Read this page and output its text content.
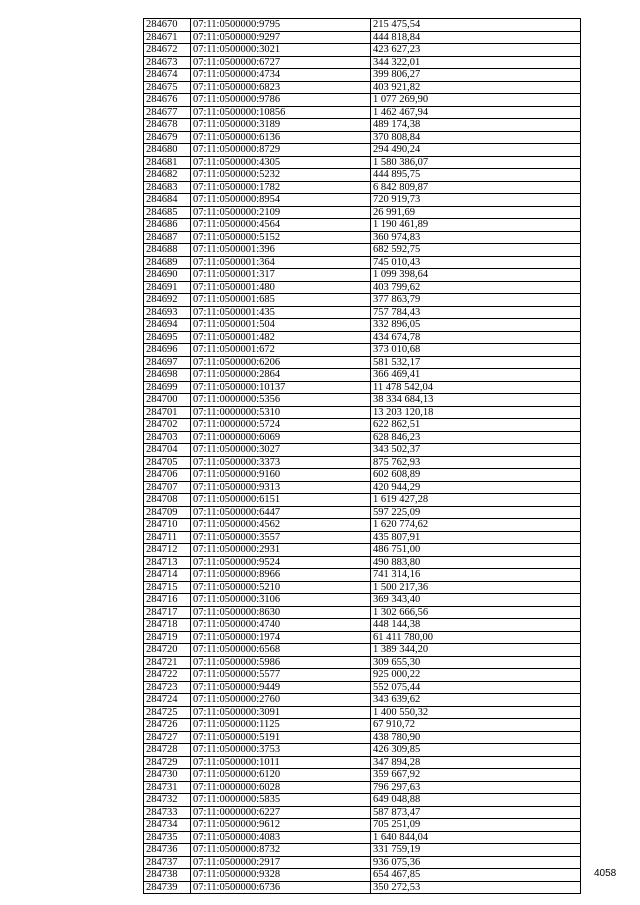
284670	07:11:0500000:9795	215 475,54
284671	07:11:0500000:9297	444 818,84
284672	07:11:0500000:3021	423 627,23
284673	07:11:0500000:6727	344 322,01
284674	07:11:0500000:4734	399 806,27
284675	07:11:0500000:6823	403 921,82
284676	07:11:0500000:9786	1 077 269,90
284677	07:11:0500000:10856	1 462 467,94
284678	07:11:0500000:3189	489 174,38
284679	07:11:0500000:6136	370 808,84
284680	07:11:0500000:8729	294 490,24
284681	07:11:0500000:4305	1 580 386,07
284682	07:11:0500000:5232	444 895,75
284683	07:11:0500000:1782	6 842 809,87
284684	07:11:0500000:8954	720 919,73
284685	07:11:0500000:2109	26 991,69
284686	07:11:0500000:4564	1 190 461,89
284687	07:11:0500000:5152	360 974,83
284688	07:11:0500001:396	682 592,75
284689	07:11:0500001:364	745 010,43
284690	07:11:0500001:317	1 099 398,64
284691	07:11:0500001:480	403 799,62
284692	07:11:0500001:685	377 863,79
284693	07:11:0500001:435	757 784,43
284694	07:11:0500001:504	332 896,05
284695	07:11:0500001:482	434 674,78
284696	07:11:0500001:672	373 010,68
284697	07:11:0500000:6206	581 532,17
284698	07:11:0500000:2864	366 469,41
284699	07:11:0500000:10137	11 478 542,04
284700	07:11:0000000:5356	38 334 684,13
284701	07:11:0000000:5310	13 203 120,18
284702	07:11:0000000:5724	622 862,51
284703	07:11:0000000:6069	628 846,23
284704	07:11:0500000:3027	343 502,37
284705	07:11:0500000:3373	875 762,93
284706	07:11:0500000:9160	602 608,89
284707	07:11:0500000:9313	420 944,29
284708	07:11:0500000:6151	1 619 427,28
284709	07:11:0500000:6447	597 225,09
284710	07:11:0500000:4562	1 620 774,62
284711	07:11:0500000:3557	435 807,91
284712	07:11:0500000:2931	486 751,00
284713	07:11:0500000:9524	490 883,80
284714	07:11:0500000:8966	741 314,16
284715	07:11:0500000:5210	1 500 217,36
284716	07:11:0500000:3106	369 343,40
284717	07:11:0500000:8630	1 302 666,56
284718	07:11:0500000:4740	448 144,38
284719	07:11:0500000:1974	61 411 780,00
284720	07:11:0500000:6568	1 389 344,20
284721	07:11:0500000:5986	309 655,30
284722	07:11:0500000:5577	925 000,22
284723	07:11:0500000:9449	552 075,44
284724	07:11:0500000:2760	343 639,62
284725	07:11:0500000:3091	1 400 550,32
284726	07:11:0500000:1125	67 910,72
284727	07:11:0500000:5191	438 780,90
284728	07:11:0500000:3753	426 309,85
284729	07:11:0500000:1011	347 894,28
284730	07:11:0500000:6120	359 667,92
284731	07:11:0000000:6028	796 297,63
284732	07:11:0000000:5835	649 048,88
284733	07:11:0000000:6227	587 873,47
284734	07:11:0500000:9612	705 251,09
284735	07:11:0500000:4083	1 640 844,04
284736	07:11:0500000:8732	331 759,19
284737	07:11:0500000:2917	936 075,36
284738	07:11:0500000:9328	654 467,85
284739	07:11:0500000:6736	350 272,53
4058
